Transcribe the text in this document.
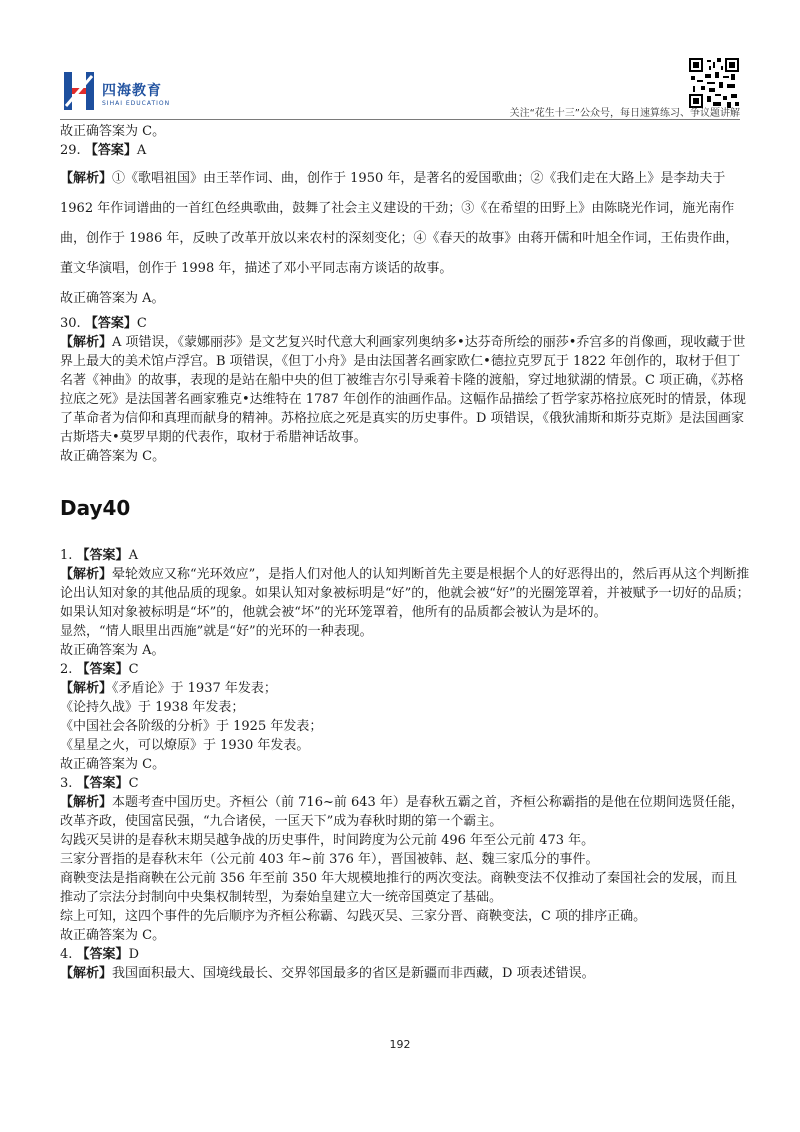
四海教育
SIHAI EDUCATION
关注“花生十三”公众号，每日速算练习、争议题讲解

故正确答案为 C。

29. 【答案】A

【解析】①《歌唱祖国》由王莘作词、曲，创作于 1950 年，是著名的爱国歌曲；②《我们走在大路上》是李劫夫于 1962 年作词谱曲的一首红色经典歌曲，鼓舞了社会主义建设的干劲；③《在希望的田野上》由陈晓光作词，施光南作曲，创作于 1986 年，反映了改革开放以来农村的深刻变化；④《春天的故事》由蒋开儒和叶旭全作词，王佑贵作曲，董文华演唱，创作于 1998 年，描述了邓小平同志南方谈话的故事。

故正确答案为 A。

30. 【答案】C

【解析】A 项错误，《蒙娜丽莎》是文艺复兴时代意大利画家列奥纳多•达芬奇所绘的丽莎•乔宫多的肖像画，现收藏于世界上最大的美术馆卢浮宫。B 项错误，《但丁小舟》是由法国著名画家欧仁•德拉克罗瓦于 1822 年创作的，取材于但丁名著《神曲》的故事，表现的是站在船中央的但丁被维吉尔引导乘着卡隆的渡船，穿过地狱湖的情景。C 项正确，《苏格拉底之死》是法国著名画家雅克•达维特在 1787 年创作的油画作品。这幅作品描绘了哲学家苏格拉底死时的情景，体现了革命者为信仰和真理而献身的精神。苏格拉底之死是真实的历史事件。D 项错误，《俄狄浦斯和斯芬克斯》是法国画家古斯塔夫•莫罗早期的代表作，取材于希腊神话故事。

故正确答案为 C。

Day40

1. 【答案】A

【解析】晕轮效应又称“光环效应”，是指人们对他人的认知判断首先主要是根据个人的好恶得出的，然后再从这个判断推论出认知对象的其他品质的现象。如果认知对象被标明是“好”的，他就会被“好”的光圈笼罩着，并被赋予一切好的品质；如果认知对象被标明是“坏”的，他就会被“坏”的光环笼罩着，他所有的品质都会被认为是坏的。

显然，“情人眼里出西施”就是“好”的光环的一种表现。

故正确答案为 A。

2. 【答案】C

【解析】《矛盾论》于 1937 年发表；

《论持久战》于 1938 年发表；

《中国社会各阶级的分析》于 1925 年发表；

《星星之火，可以燎原》于 1930 年发表。

故正确答案为 C。

3. 【答案】C

【解析】本题考查中国历史。齐桓公（前 716~前 643 年）是春秋五霸之首，齐桓公称霸指的是他在位期间选贤任能，改革齐政，使国富民强，“九合诸侯，一匡天下”成为春秋时期的第一个霸主。

勾践灭吴讲的是春秋末期吴越争战的历史事件，时间跨度为公元前 496 年至公元前 473 年。

三家分晋指的是春秋末年（公元前 403 年~前 376 年），晋国被韩、赵、魏三家瓜分的事件。

商鞅变法是指商鞅在公元前 356 年至前 350 年大规模地推行的两次变法。商鞅变法不仅推动了秦国社会的发展，而且推动了宗法分封制向中央集权制转型，为秦始皇建立大一统帝国奠定了基础。

综上可知，这四个事件的先后顺序为齐桓公称霸、勾践灭吴、三家分晋、商鞅变法，C 项的排序正确。

故正确答案为 C。

4. 【答案】D

【解析】我国面积最大、国境线最长、交界邻国最多的省区是新疆而非西藏，D 项表述错误。

192
